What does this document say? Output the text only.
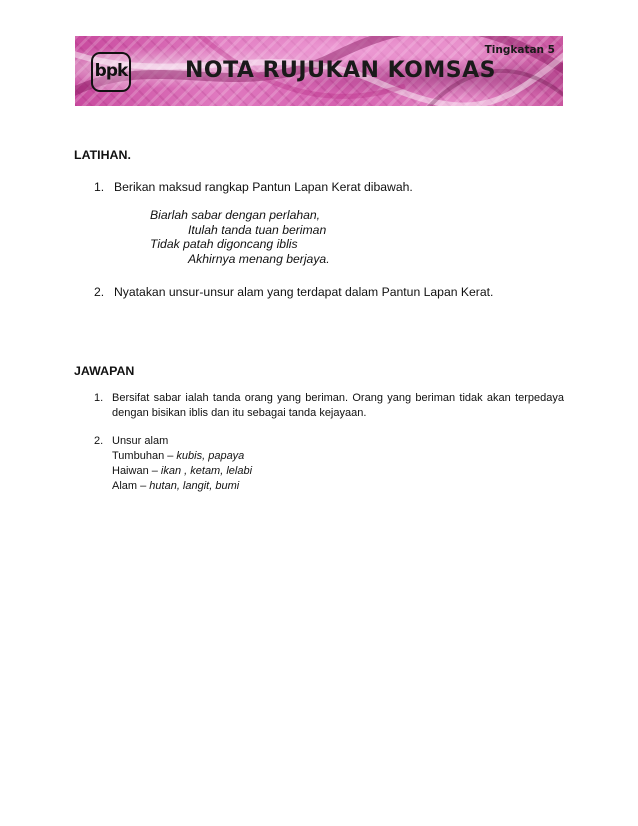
bpk	NOTA RUJUKAN KOMSAS
Tingkatan 5

LATIHAN.

1. Berikan maksud rangkap Pantun Lapan Kerat dibawah.
Biarlah sabar dengan perlahan,
Itulah tanda tuan beriman
Tidak patah digoncang iblis
Akhirnya menang berjaya.
2. Nyatakan unsur-unsur alam yang terdapat dalam Pantun Lapan Kerat.

JAWAPAN

1. Bersifat sabar ialah tanda orang yang beriman. Orang yang beriman tidak akan terpedaya dengan bisikan iblis dan itu sebagai tanda kejayaan.
2. Unsur alam
Tumbuhan – kubis, papaya
Haiwan – ikan , ketam, lelabi
Alam – hutan, langit, bumi
